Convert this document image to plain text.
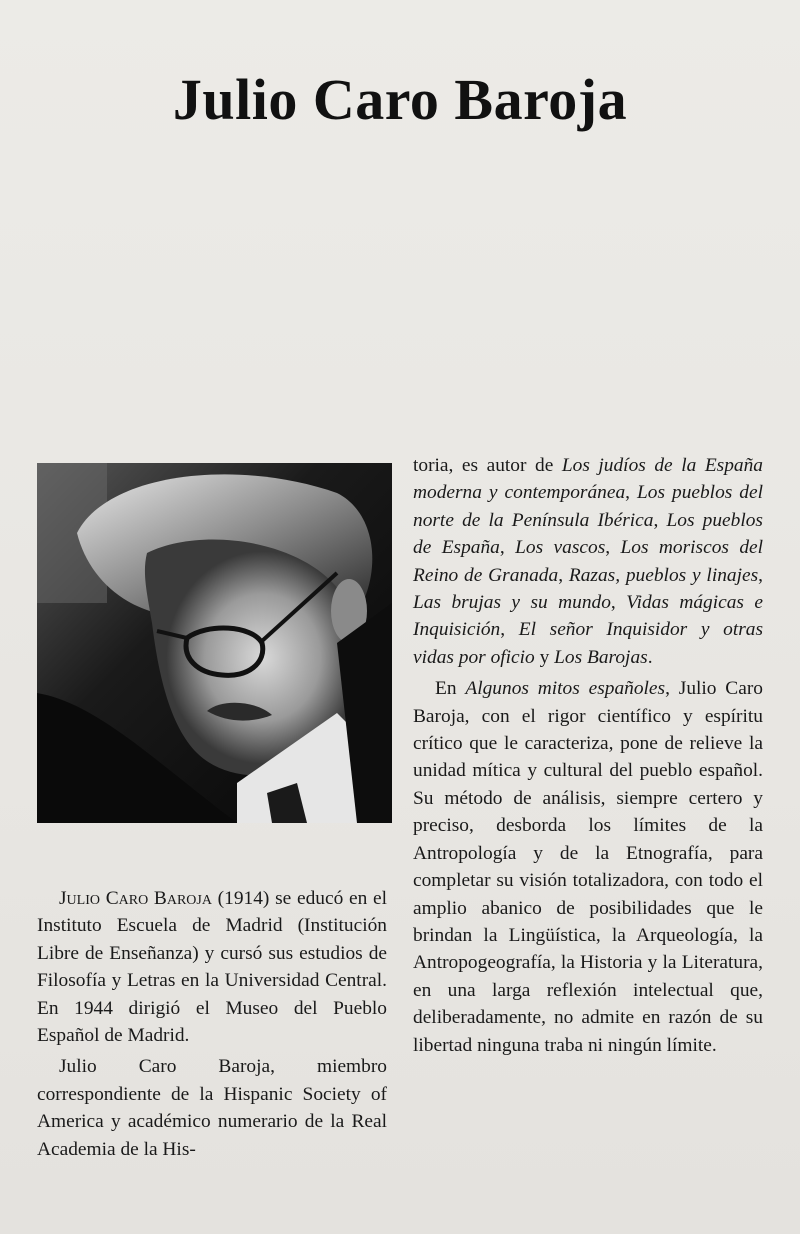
Julio Caro Baroja

Julio Caro Baroja (1914) se educó en el Instituto Escuela de Madrid (Institución Libre de Enseñanza) y cursó sus estudios de Filosofía y Letras en la Universidad Central. En 1944 dirigió el Museo del Pueblo Español de Madrid.

Julio Caro Baroja, miembro correspondiente de la Hispanic Society of America y académico numerario de la Real Academia de la His-

toria, es autor de Los judíos de la España moderna y contemporánea, Los pueblos del norte de la Península Ibérica, Los pueblos de España, Los vascos, Los moriscos del Reino de Granada, Razas, pueblos y linajes, Las brujas y su mundo, Vidas mágicas e Inquisición, El señor Inquisidor y otras vidas por oficio y Los Barojas.

En Algunos mitos españoles, Julio Caro Baroja, con el rigor científico y espíritu crítico que le caracteriza, pone de relieve la unidad mítica y cultural del pueblo español. Su método de análisis, siempre certero y preciso, desborda los límites de la Antropología y de la Etnografía, para completar su visión totalizadora, con todo el amplio abanico de posibilidades que le brindan la Lingüística, la Arqueología, la Antropogeografía, la Historia y la Literatura, en una larga reflexión intelectual que, deliberadamente, no admite en razón de su libertad ninguna traba ni ningún límite.
